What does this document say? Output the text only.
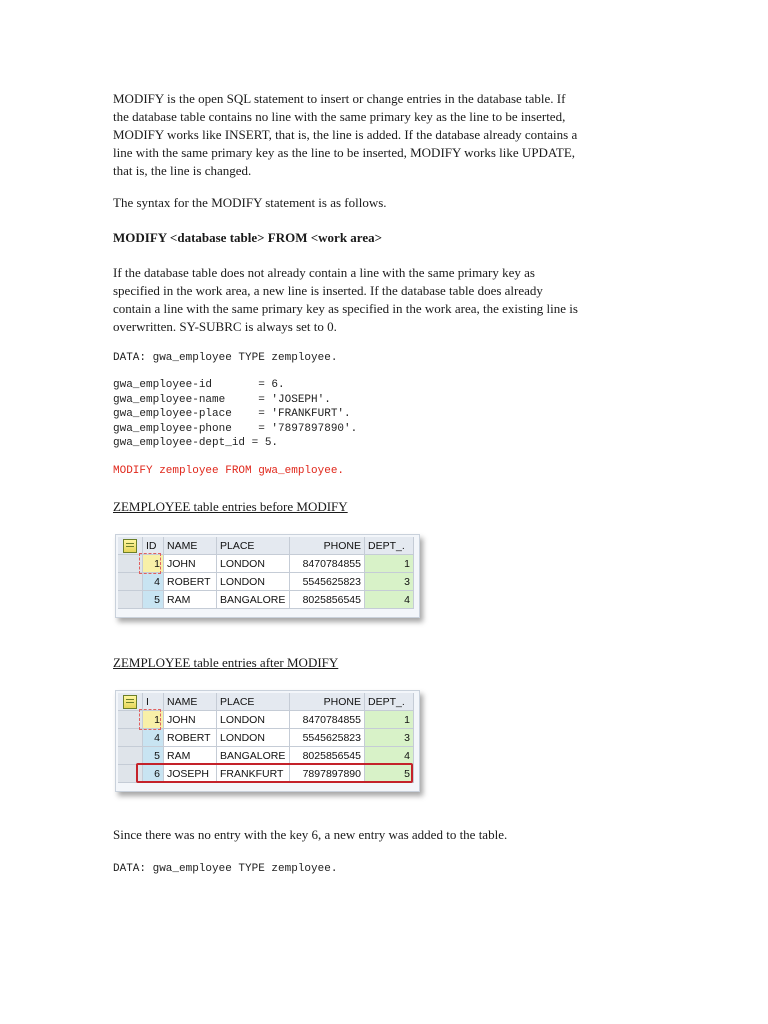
MODIFY is the open SQL statement to insert or change entries in the database table. If
the database table contains no line with the same primary key as the line to be inserted,
MODIFY works like INSERT, that is, the line is added. If the database already contains a
line with the same primary key as the line to be inserted, MODIFY works like UPDATE,
that is, the line is changed.

The syntax for the MODIFY statement is as follows.

MODIFY <database table> FROM <work area>

If the database table does not already contain a line with the same primary key as
specified in the work area, a new line is inserted. If the database table does already
contain a line with the same primary key as specified in the work area, the existing line is
overwritten. SY-SUBRC is always set to 0.

DATA: gwa_employee TYPE zemployee.
gwa_employee-id       = 6.
gwa_employee-name     = 'JOSEPH'.
gwa_employee-place    = 'FRANKFURT'.
gwa_employee-phone    = '7897897890'.
gwa_employee-dept_id = 5.
MODIFY zemployee FROM gwa_employee.

ZEMPLOYEE table entries before MODIFY

ZEMPLOYEE table entries after MODIFY

Since there was no entry with the key 6, a new entry was added to the table.

DATA: gwa_employee TYPE zemployee.
	ID	NAME	PLACE	PHONE	DEPT_.
	1	JOHN	LONDON	8470784855	1
	4	ROBERT	LONDON	5545625823	3
	5	RAM	BANGALORE	8025856545	4
	I	NAME	PLACE	PHONE	DEPT_.
	1	JOHN	LONDON	8470784855	1
	4	ROBERT	LONDON	5545625823	3
	5	RAM	BANGALORE	8025856545	4
	6	JOSEPH	FRANKFURT	7897897890	5
